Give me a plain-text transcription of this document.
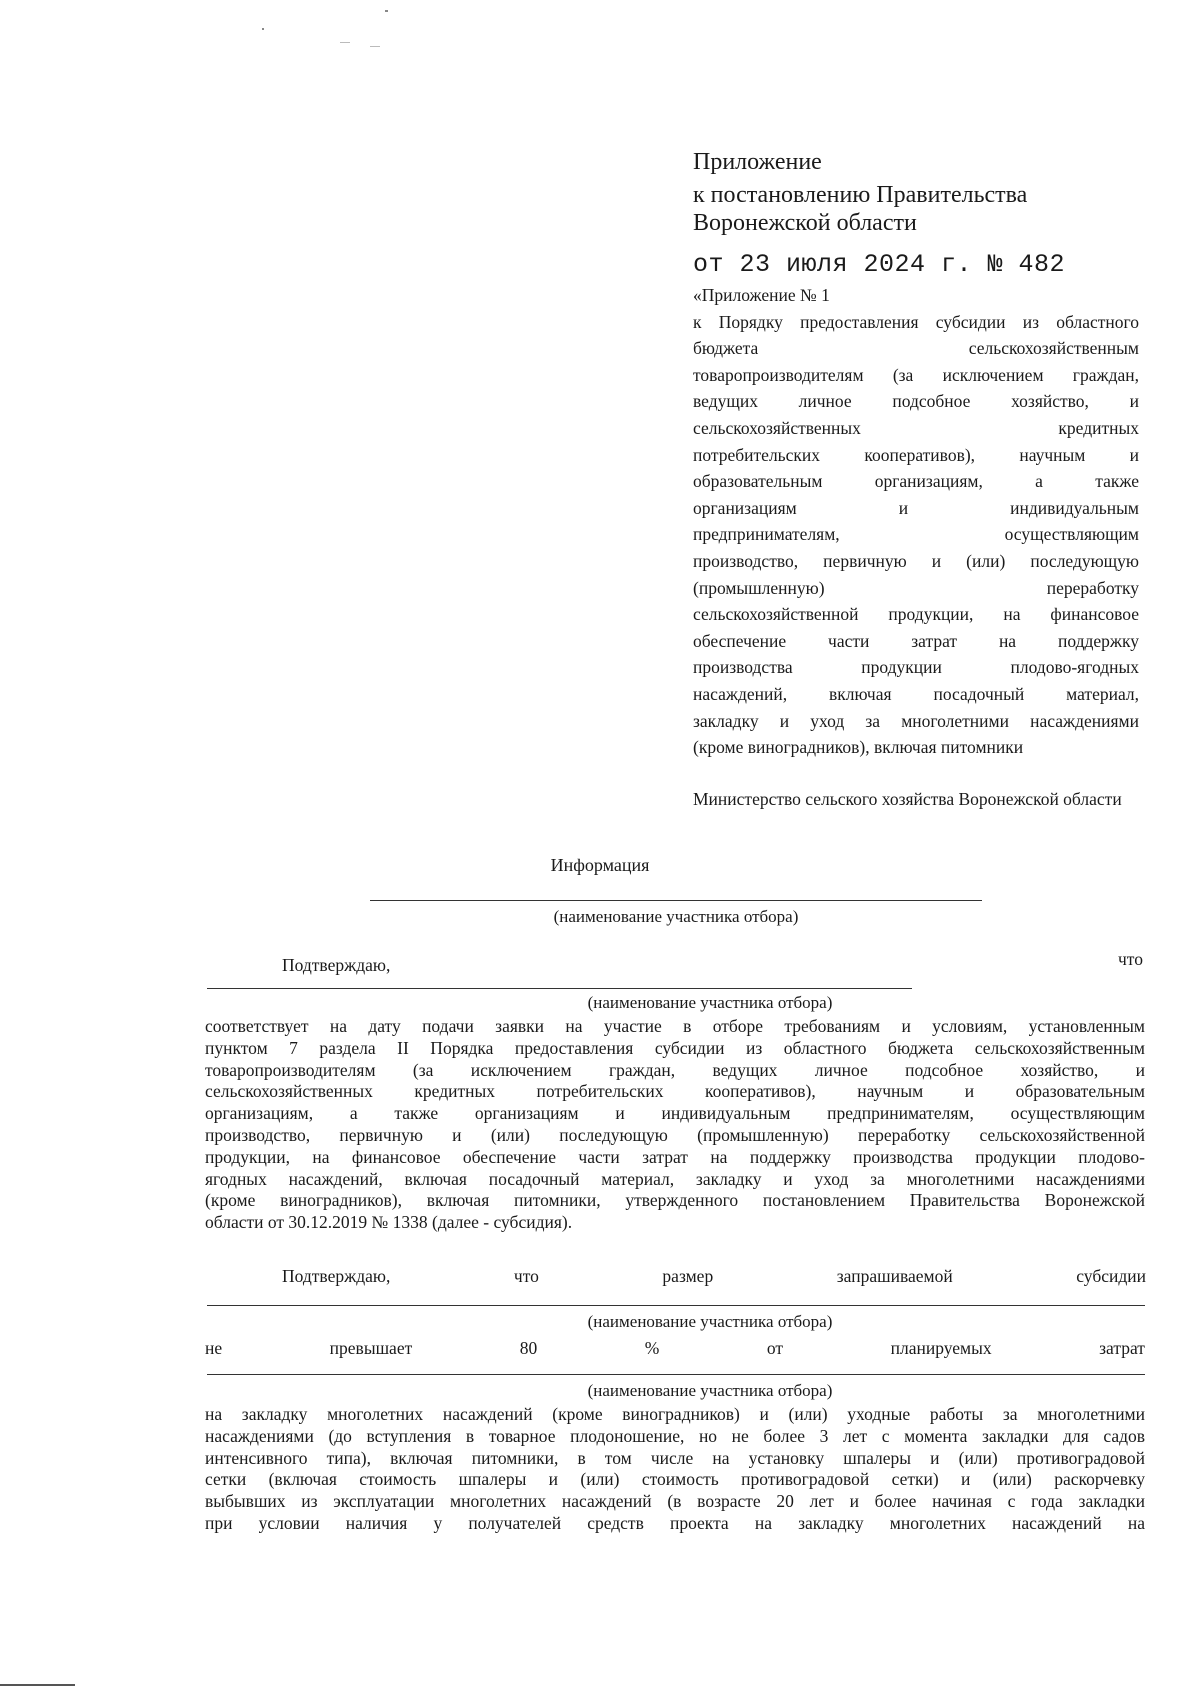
Приложение
к постановлению Правительства
Воронежской области
от 23 июля 2024 г. № 482
«Приложение № 1
к Порядку предоставления субсидии из областного
бюджета сельскохозяйственным
товаропроизводителям (за исключением граждан,
ведущих личное подсобное хозяйство, и
сельскохозяйственных кредитных
потребительских кооперативов), научным и
образовательным организациям, а также
организациям и индивидуальным
предпринимателям, осуществляющим
производство, первичную и (или) последующую
(промышленную) переработку
сельскохозяйственной продукции, на финансовое
обеспечение части затрат на поддержку
производства продукции плодово-ягодных
насаждений, включая посадочный материал,
закладку и уход за многолетними насаждениями
(кроме виноградников), включая питомники
Министерство сельского хозяйства Воронежской области
Информация
(наименование участника отбора)
Подтверждаю,	что
(наименование участника отбора)
соответствует на дату подачи заявки на участие в отборе требованиям и условиям, установленным
пунктом 7 раздела II Порядка предоставления субсидии из областного бюджета сельскохозяйственным
товаропроизводителям (за исключением граждан, ведущих личное подсобное хозяйство, и
сельскохозяйственных кредитных потребительских кооперативов), научным и образовательным
организациям, а также организациям и индивидуальным предпринимателям, осуществляющим
производство, первичную и (или) последующую (промышленную) переработку сельскохозяйственной
продукции, на финансовое обеспечение части затрат на поддержку производства продукции плодово-
ягодных насаждений, включая посадочный материал, закладку и уход за многолетними насаждениями
(кроме виноградников), включая питомники, утвержденного постановлением Правительства Воронежской
области от 30.12.2019 № 1338 (далее - субсидия).
Подтверждаю,	что	размер	запрашиваемой	субсидии
(наименование участника отбора)
не	превышает	80	%	от	планируемых	затрат
(наименование участника отбора)
на закладку многолетних насаждений (кроме виноградников) и (или) уходные работы за многолетними
насаждениями (до вступления в товарное плодоношение, но не более 3 лет с момента закладки для садов
интенсивного типа), включая питомники, в том числе на установку шпалеры и (или) противоградовой
сетки (включая стоимость шпалеры и (или) стоимость противоградовой сетки) и (или) раскорчевку
выбывших из эксплуатации многолетних насаждений (в возрасте 20 лет и более начиная с года закладки
при условии наличия у получателей средств проекта на закладку многолетних насаждений на
